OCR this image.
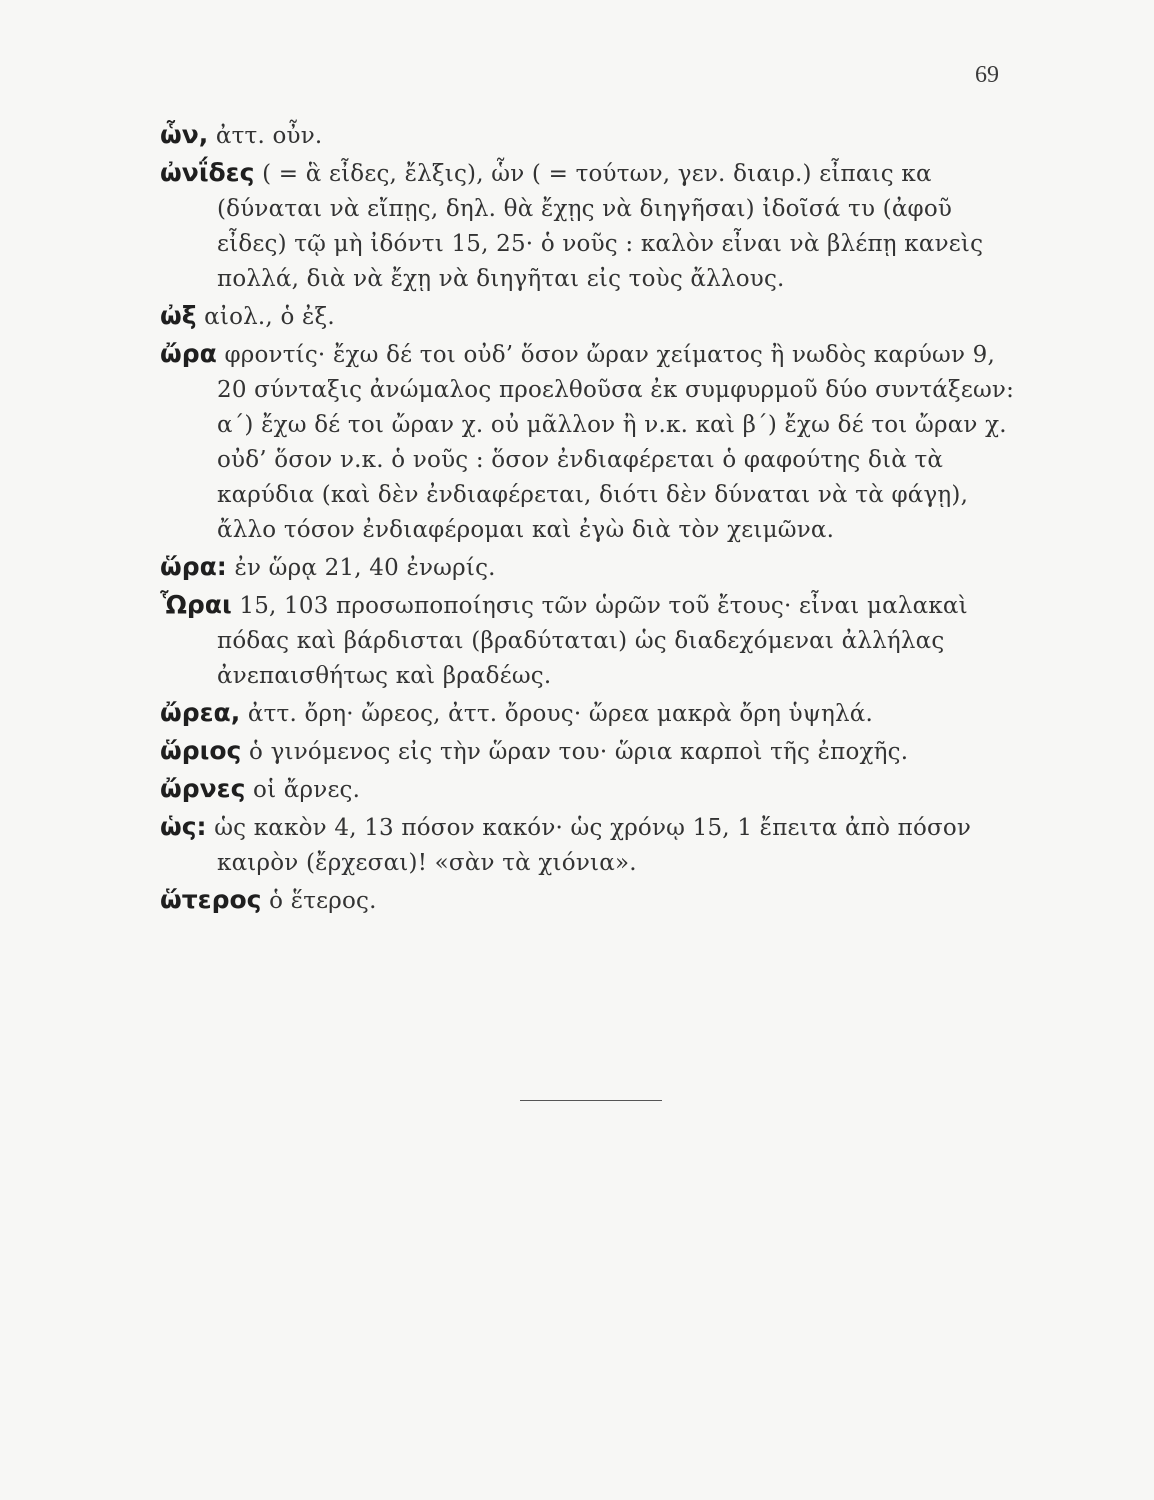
69

ὧν, ἀττ. οὖν.

ὠνΐδες ( = ἃ εἶδες, ἔλξις), ὧν ( = τούτων, γεν. διαιρ.) εἶπαις κα (δύναται νὰ εἴπῃς, δηλ. θὰ ἔχῃς νὰ διηγῆσαι) ἰδοῖσά τυ (ἀφοῦ εἶδες) τῷ μὴ ἰδόντι 15, 25· ὁ νοῦς : καλὸν εἶναι νὰ βλέπῃ κανεὶς πολλά, διὰ νὰ ἔχῃ νὰ διηγῆται εἰς τοὺς ἄλλους.

ὠξ αἰολ., ὁ ἐξ.

ὤρα φροντίς· ἔχω δέ τοι οὐδ’ ὅσον ὤραν χείματος ἢ νωδὸς καρύων 9, 20 σύνταξις ἀνώμαλος προελθοῦσα ἐκ συμφυρμοῦ δύο συντάξεων: α΄) ἔχω δέ τοι ὤραν χ. οὐ μᾶλλον ἢ ν.κ. καὶ β΄) ἔχω δέ τοι ὤραν χ. οὐδ’ ὅσον ν.κ. ὁ νοῦς : ὅσον ἐνδιαφέρεται ὁ φαφούτης διὰ τὰ καρύδια (καὶ δὲν ἐνδιαφέρεται, διότι δὲν δύναται νὰ τὰ φάγῃ), ἄλλο τόσον ἐνδιαφέρομαι καὶ ἐγὼ διὰ τὸν χειμῶνα.

ὥρα: ἐν ὥρᾳ 21, 40 ἐνωρίς.

Ὧραι 15, 103 προσωποποίησις τῶν ὡρῶν τοῦ ἔτους· εἶναι μαλακαὶ πόδας καὶ βάρδισται (βραδύταται) ὡς διαδεχόμεναι ἀλλήλας ἀνεπαισθήτως καὶ βραδέως.

ὤρεα, ἀττ. ὄρη· ὤρεος, ἀττ. ὄρους· ὤρεα μακρὰ ὄρη ὑψηλά.

ὥριος ὁ γινόμενος εἰς τὴν ὥραν του· ὥρια καρποὶ τῆς ἐποχῆς.

ὤρνες οἱ ἄρνες.

ὡς: ὡς κακὸν 4, 13 πόσον κακόν· ὡς χρόνῳ 15, 1 ἔπειτα ἀπὸ πόσον καιρὸν (ἔρχεσαι)! «σὰν τὰ χιόνια».

ὥτερος ὁ ἕτερος.
